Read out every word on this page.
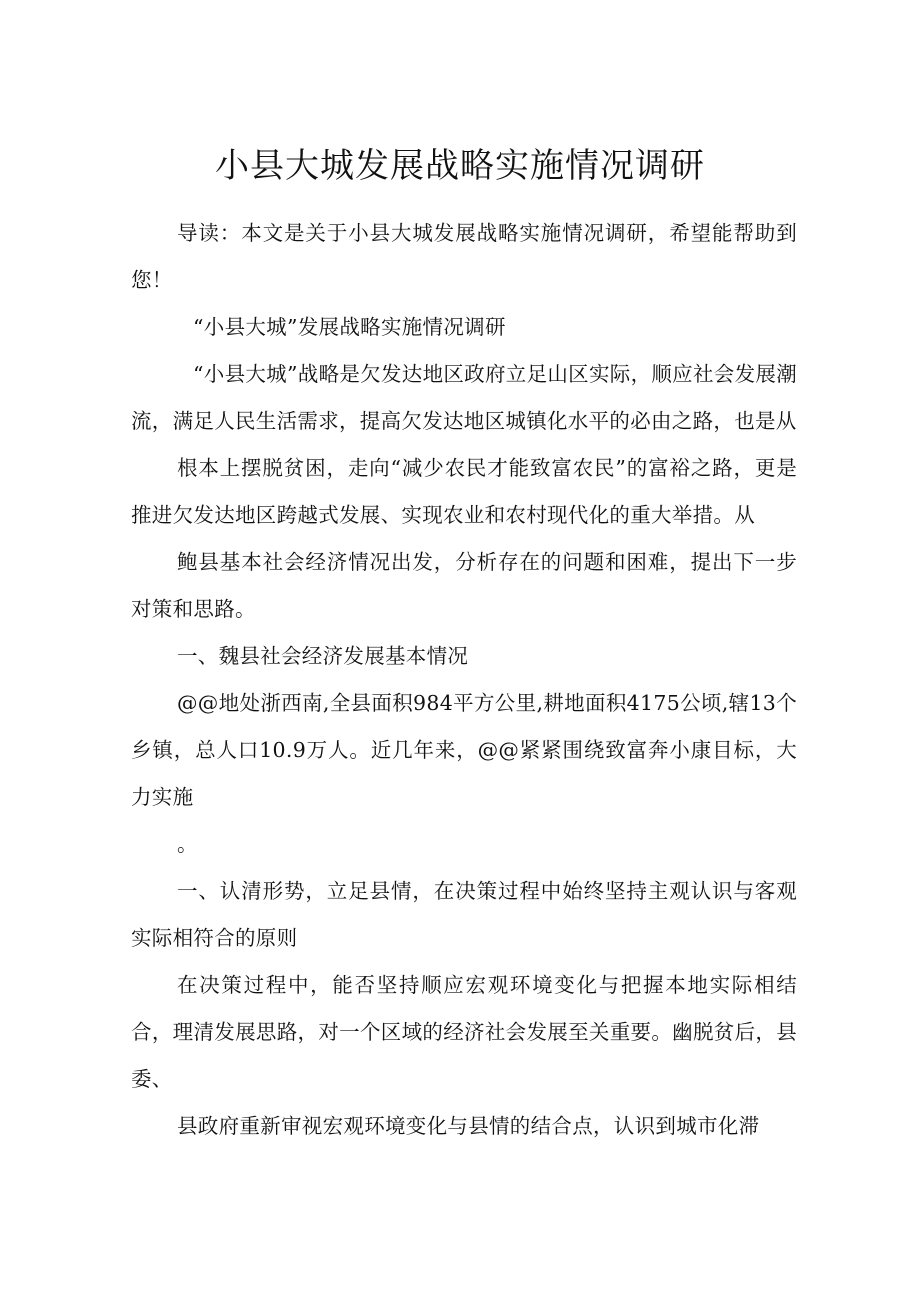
小县大城发展战略实施情况调研

导读：本文是关于小县大城发展战略实施情况调研，希望能帮助到您！

“小县大城”发展战略实施情况调研

“小县大城”战略是欠发达地区政府立足山区实际，顺应社会发展潮流，满足人民生活需求，提高欠发达地区城镇化水平的必由之路，也是从

根本上摆脱贫困，走向“减少农民才能致富农民”的富裕之路，更是推进欠发达地区跨越式发展、实现农业和农村现代化的重大举措。从

鲍县基本社会经济情况出发，分析存在的问题和困难，提出下一步对策和思路。

一、魏县社会经济发展基本情况

@@地处浙西南,全县面积984平方公里,耕地面积4175公顷,辖13个乡镇，总人口10.9万人。近几年来，@@紧紧围绕致富奔小康目标，大力实施

。

一、认清形势，立足县情，在决策过程中始终坚持主观认识与客观实际相符合的原则

在决策过程中，能否坚持顺应宏观环境变化与把握本地实际相结合，理清发展思路，对一个区域的经济社会发展至关重要。幽脱贫后，县委、

县政府重新审视宏观环境变化与县情的结合点，认识到城市化滞
